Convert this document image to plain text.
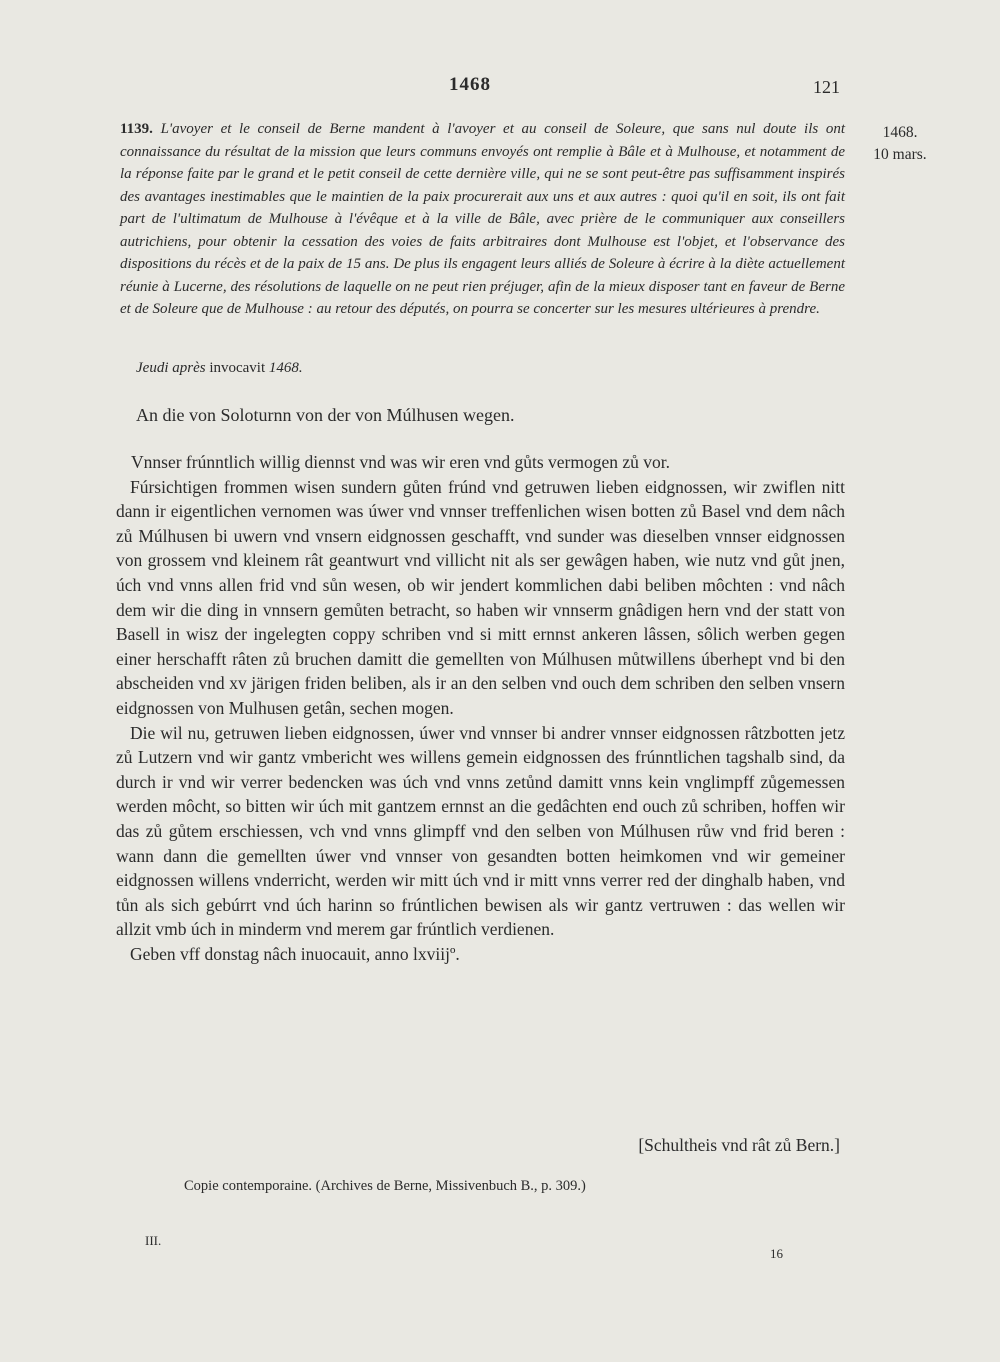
1468	121
1468.
10 mars.
1139. L'avoyer et le conseil de Berne mandent à l'avoyer et au conseil de Soleure, que sans nul doute ils ont connaissance du résultat de la mission que leurs communs envoyés ont remplie à Bâle et à Mulhouse, et notamment de la réponse faite par le grand et le petit conseil de cette dernière ville, qui ne se sont peut-être pas suffisamment inspirés des avantages inestimables que le maintien de la paix procurerait aux uns et aux autres : quoi qu'il en soit, ils ont fait part de l'ultimatum de Mulhouse à l'évêque et à la ville de Bâle, avec prière de le communiquer aux conseillers autrichiens, pour obtenir la cessation des voies de faits arbitraires dont Mulhouse est l'objet, et l'observance des dispositions du récès et de la paix de 15 ans. De plus ils engagent leurs alliés de Soleure à écrire à la diète actuellement réunie à Lucerne, des résolutions de laquelle on ne peut rien préjuger, afin de la mieux disposer tant en faveur de Berne et de Soleure que de Mulhouse : au retour des députés, on pourra se concerter sur les mesures ultérieures à prendre.
Jeudi après invocavit 1468.
An die von Soloturnn von der von Múlhusen wegen.

Vnnser frúnntlich willig diennst vnd was wir eren vnd gůts vermogen zů vor.

Fúrsichtigen frommen wisen sundern gůten frúnd vnd getruwen lieben eidgnossen, wir zwiflen nitt dann ir eigentlichen vernomen was úwer vnd vnnser treffenlichen wisen botten zů Basel vnd dem nâch zů Múlhusen bi uwern vnd vnsern eidgnossen geschafft, vnd sunder was dieselben vnnser eidgnossen von grossem vnd kleinem rât geantwurt vnd villicht nit als ser gewâgen haben, wie nutz vnd gůt jnen, úch vnd vnns allen frid vnd sůn wesen, ob wir jendert kommlichen dabi beliben môchten : vnd nâch dem wir die ding in vnnsern gemůten betracht, so haben wir vnnserm gnâdigen hern vnd der statt von Basell in wisz der ingelegten coppy schriben vnd si mitt ernnst ankeren lâssen, sôlich werben gegen einer herschafft râten zů bruchen damitt die gemellten von Múlhusen můtwillens úberhept vnd bi den abscheiden vnd xv järigen friden beliben, als ir an den selben vnd ouch dem schriben den selben vnsern eidgnossen von Mulhusen getân, sechen mogen.

Die wil nu, getruwen lieben eidgnossen, úwer vnd vnnser bi andrer vnnser eidgnossen râtzbotten jetz zů Lutzern vnd wir gantz vmbericht wes willens gemein eidgnossen des frúnntlichen tagshalb sind, da durch ir vnd wir verrer bedencken was úch vnd vnns zetůnd damitt vnns kein vnglimpff zůgemessen werden môcht, so bitten wir úch mit gantzem ernnst an die gedâchten end ouch zů schriben, hoffen wir das zů gůtem erschiessen, vch vnd vnns glimpff vnd den selben von Múlhusen růw vnd frid beren : wann dann die gemellten úwer vnd vnnser von gesandten botten heimkomen vnd wir gemeiner eidgnossen willens vnderricht, werden wir mitt úch vnd ir mitt vnns verrer red der dinghalb haben, vnd tůn als sich gebúrrt vnd úch harinn so frúntlichen bewisen als wir gantz vertruwen : das wellen wir allzit vmb úch in minderm vnd merem gar frúntlich verdienen.

Geben vff donstag nâch inuocauit, anno lxviijº.

[Schultheis vnd rât zů Bern.]
Copie contemporaine. (Archives de Berne, Missivenbuch B., p. 309.)
III.
16
